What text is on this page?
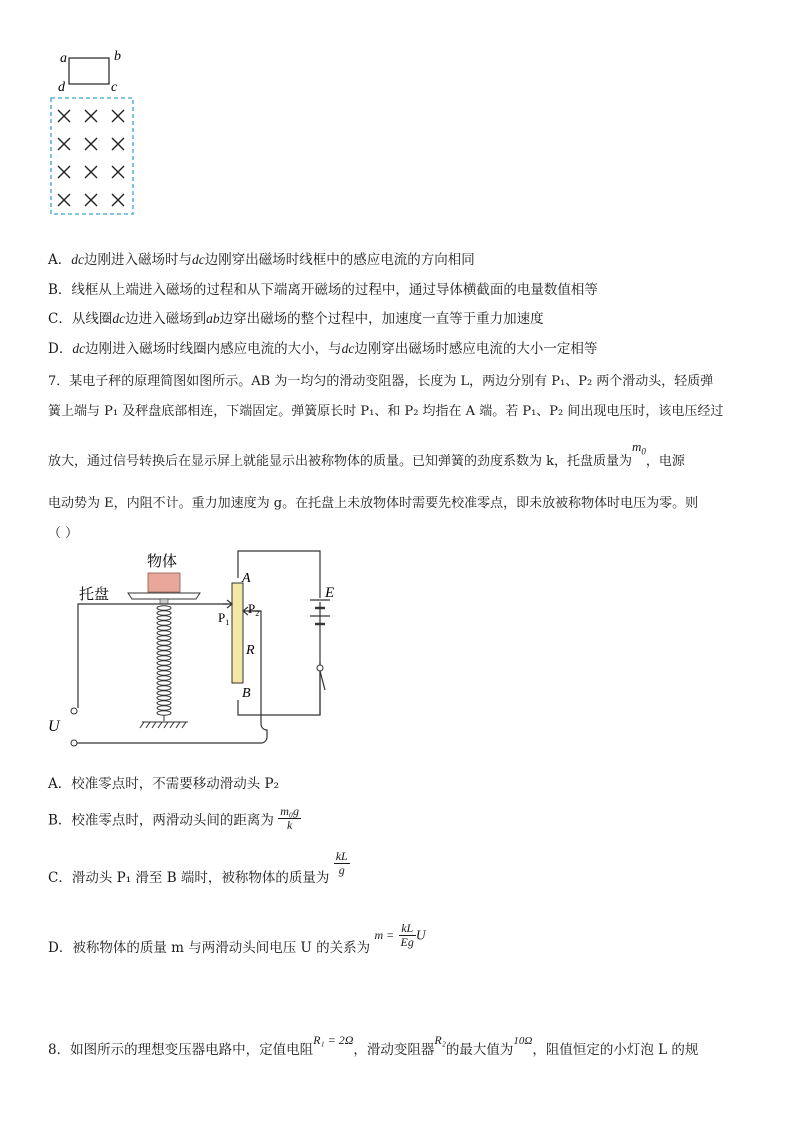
a	b
d	c
A．dc边刚进入磁场时与dc边刚穿出磁场时线框中的感应电流的方向相同
B．线框从上端进入磁场的过程和从下端离开磁场的过程中，通过导体横截面的电量数值相等
C．从线圈dc边进入磁场到ab边穿出磁场的整个过程中，加速度一直等于重力加速度
D．dc边刚进入磁场时线圈内感应电流的大小，与dc边刚穿出磁场时感应电流的大小一定相等
7．某电子秤的原理简图如图所示。AB 为一均匀的滑动变阻器，长度为 L，两边分别有 P₁、P₂ 两个滑动头，轻质弹
簧上端与 P₁ 及秤盘底部相连，下端固定。弹簧原长时 P₁、和 P₂ 均指在 A 端。若 P₁、P₂ 间出现电压时，该电压经过
放大，通过信号转换后在显示屏上就能显示出被称物体的质量。已知弹簧的劲度系数为 k，托盘质量为$m_0$，电源
电动势为 E，内阻不计。重力加速度为 g。在托盘上未放物体时需要先校准零点，即未放被称物体时电压为零。则
（ ）
物体
托盘
A
B
R
$P_1$
$P_2$
E
U
A．校准零点时，不需要移动滑动头 P₂
B．校准零点时，两滑动头间的距离为 $\frac{\text{m₀g}}{k}$
C．滑动头 P₁ 滑至 B 端时，被称物体的质量为
$\frac{kL}{g}$
D．被称物体的质量 m 与两滑动头间电压 U 的关系为 $m = \frac{kL}{Eg}$ U
8．如图所示的理想变压器电路中，定值电阻R₁ = 2Ω，滑动变阻器R₂的最大值为10Ω，阻值恒定的小灯泡 L 的规
